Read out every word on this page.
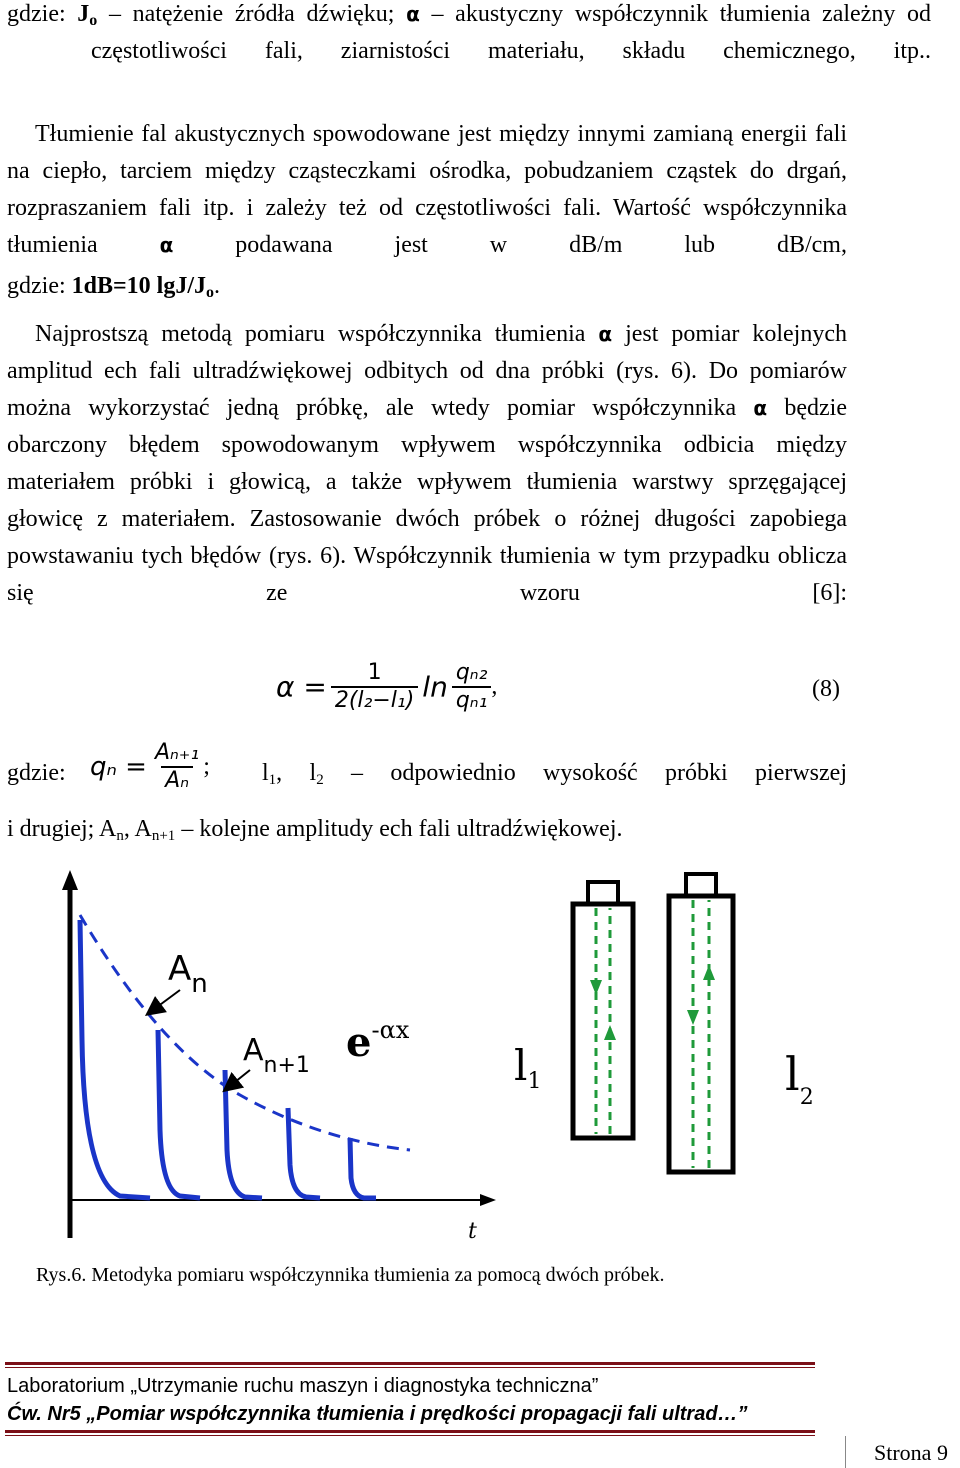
gdzie: $J_o$ – natężenie źródła dźwięku; α – akustyczny współczynnik tłumienia zależny od częstotliwości fali, ziarnistości materiału, składu chemicznego, itp..
Tłumienie fal akustycznych spowodowane jest między innymi zamianą energii fali na ciepło, tarciem między cząsteczkami ośrodka, pobudzaniem cząstek do drgań, rozpraszaniem fali itp. i zależy też od częstotliwości fali. Wartość współczynnika tłumienia α podawana jest w dB/m lub dB/cm,
gdzie: 1dB=10 lgJ/$J_o$.
Najprostszą metodą pomiaru współczynnika tłumienia α jest pomiar kolejnych amplitud ech fali ultradźwiękowej odbitych od dna próbki (rys. 6). Do pomiarów można wykorzystać jedną próbkę, ale wtedy pomiar współczynnika α będzie obarczony błędem spowodowanym wpływem współczynnika odbicia między materiałem próbki i głowicą, a także wpływem tłumienia warstwy sprzęgającej głowicę z materiałem. Zastosowanie dwóch próbek o różnej długości zapobiega powstawaniu tych błędów (rys. 6). Współczynnik tłumienia w tym przypadku oblicza się ze wzoru [6]:
$\alpha = \frac{1}{\text{2(l₂−l₁)}}$ $\ln \frac{\text{qₙ₂}}{\text{qₙ₁}}$ ,	(8)
gdzie: $q_n = \frac{\text{Aₙ₊₁}}{\text{Aₙ}}$ ; $l_1$, $l_2$ – odpowiednio wysokość próbki pierwszej
i drugiej; $A_n$, $A_{n+1}$ – kolejne amplitudy ech fali ultradźwiękowej.
t
$A_n$
$A_{n+1}$ $e^{-\alpha x}$
l1	$l_2$
Rys.6. Metodyka pomiaru współczynnika tłumienia za pomocą dwóch próbek.
Laboratorium „Utrzymanie ruchu maszyn i diagnostyka techniczna”
Ćw. Nr5 „Pomiar współczynnika tłumienia i prędkości propagacji fali ultrad…”
Strona 9
